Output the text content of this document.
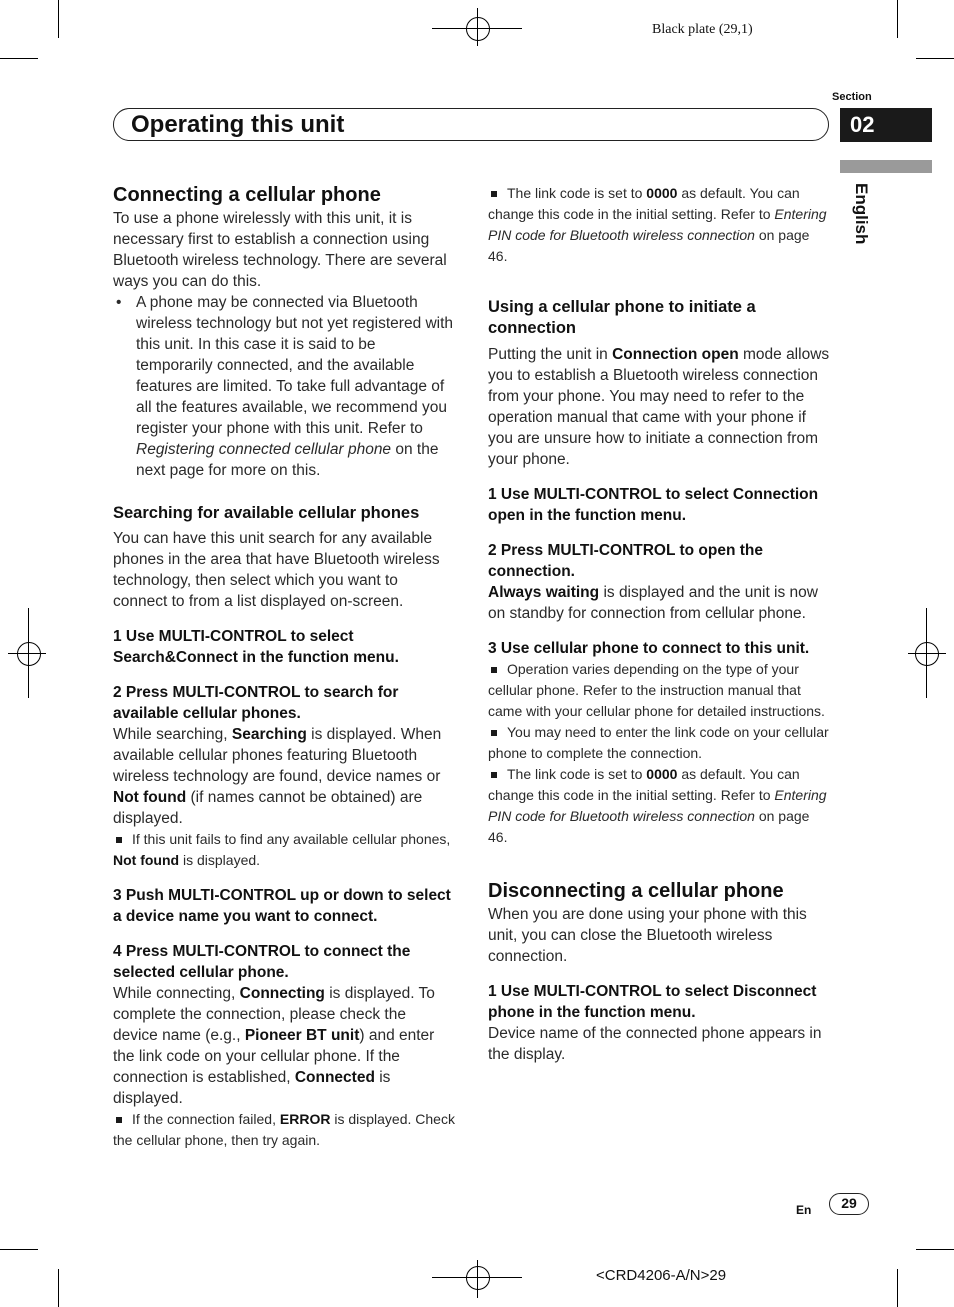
Black plate (29,1)
Section
02
English
Operating this unit
Connecting a cellular phone

To use a phone wirelessly with this unit, it is necessary first to establish a connection using Bluetooth wireless technology. There are several ways you can do this.

• A phone may be connected via Bluetooth wireless technology but not yet registered with this unit. In this case it is said to be temporarily connected, and the available features are limited. To take full advantage of all the features available, we recommend you register your phone with this unit. Refer to Registering connected cellular phone on the next page for more on this.

Searching for available cellular phones

You can have this unit search for any available phones in the area that have Bluetooth wireless technology, then select which you want to connect to from a list displayed on-screen.

1 Use MULTI-CONTROL to select Search&Connect in the function menu.

2 Press MULTI-CONTROL to search for available cellular phones.

While searching, Searching is displayed. When available cellular phones featuring Bluetooth wireless technology are found, device names or Not found (if names cannot be obtained) are displayed.

If this unit fails to find any available cellular phones, Not found is displayed.

3 Push MULTI-CONTROL up or down to select a device name you want to connect.

4 Press MULTI-CONTROL to connect the selected cellular phone.

While connecting, Connecting is displayed. To complete the connection, please check the device name (e.g., Pioneer BT unit) and enter the link code on your cellular phone. If the connection is established, Connected is displayed.

If the connection failed, ERROR is displayed. Check the cellular phone, then try again.

The link code is set to 0000 as default. You can change this code in the initial setting. Refer to Entering PIN code for Bluetooth wireless connection on page 46.

Using a cellular phone to initiate a connection

Putting the unit in Connection open mode allows you to establish a Bluetooth wireless connection from your phone. You may need to refer to the operation manual that came with your phone if you are unsure how to initiate a connection from your phone.

1 Use MULTI-CONTROL to select Connection open in the function menu.

2 Press MULTI-CONTROL to open the connection.

Always waiting is displayed and the unit is now on standby for connection from cellular phone.

3 Use cellular phone to connect to this unit.

Operation varies depending on the type of your cellular phone. Refer to the instruction manual that came with your cellular phone for detailed instructions.

You may need to enter the link code on your cellular phone to complete the connection.

The link code is set to 0000 as default. You can change this code in the initial setting. Refer to Entering PIN code for Bluetooth wireless connection on page 46.

Disconnecting a cellular phone

When you are done using your phone with this unit, you can close the Bluetooth wireless connection.

1 Use MULTI-CONTROL to select Disconnect phone in the function menu.

Device name of the connected phone appears in the display.

En	29
<CRD4206-A/N>29
